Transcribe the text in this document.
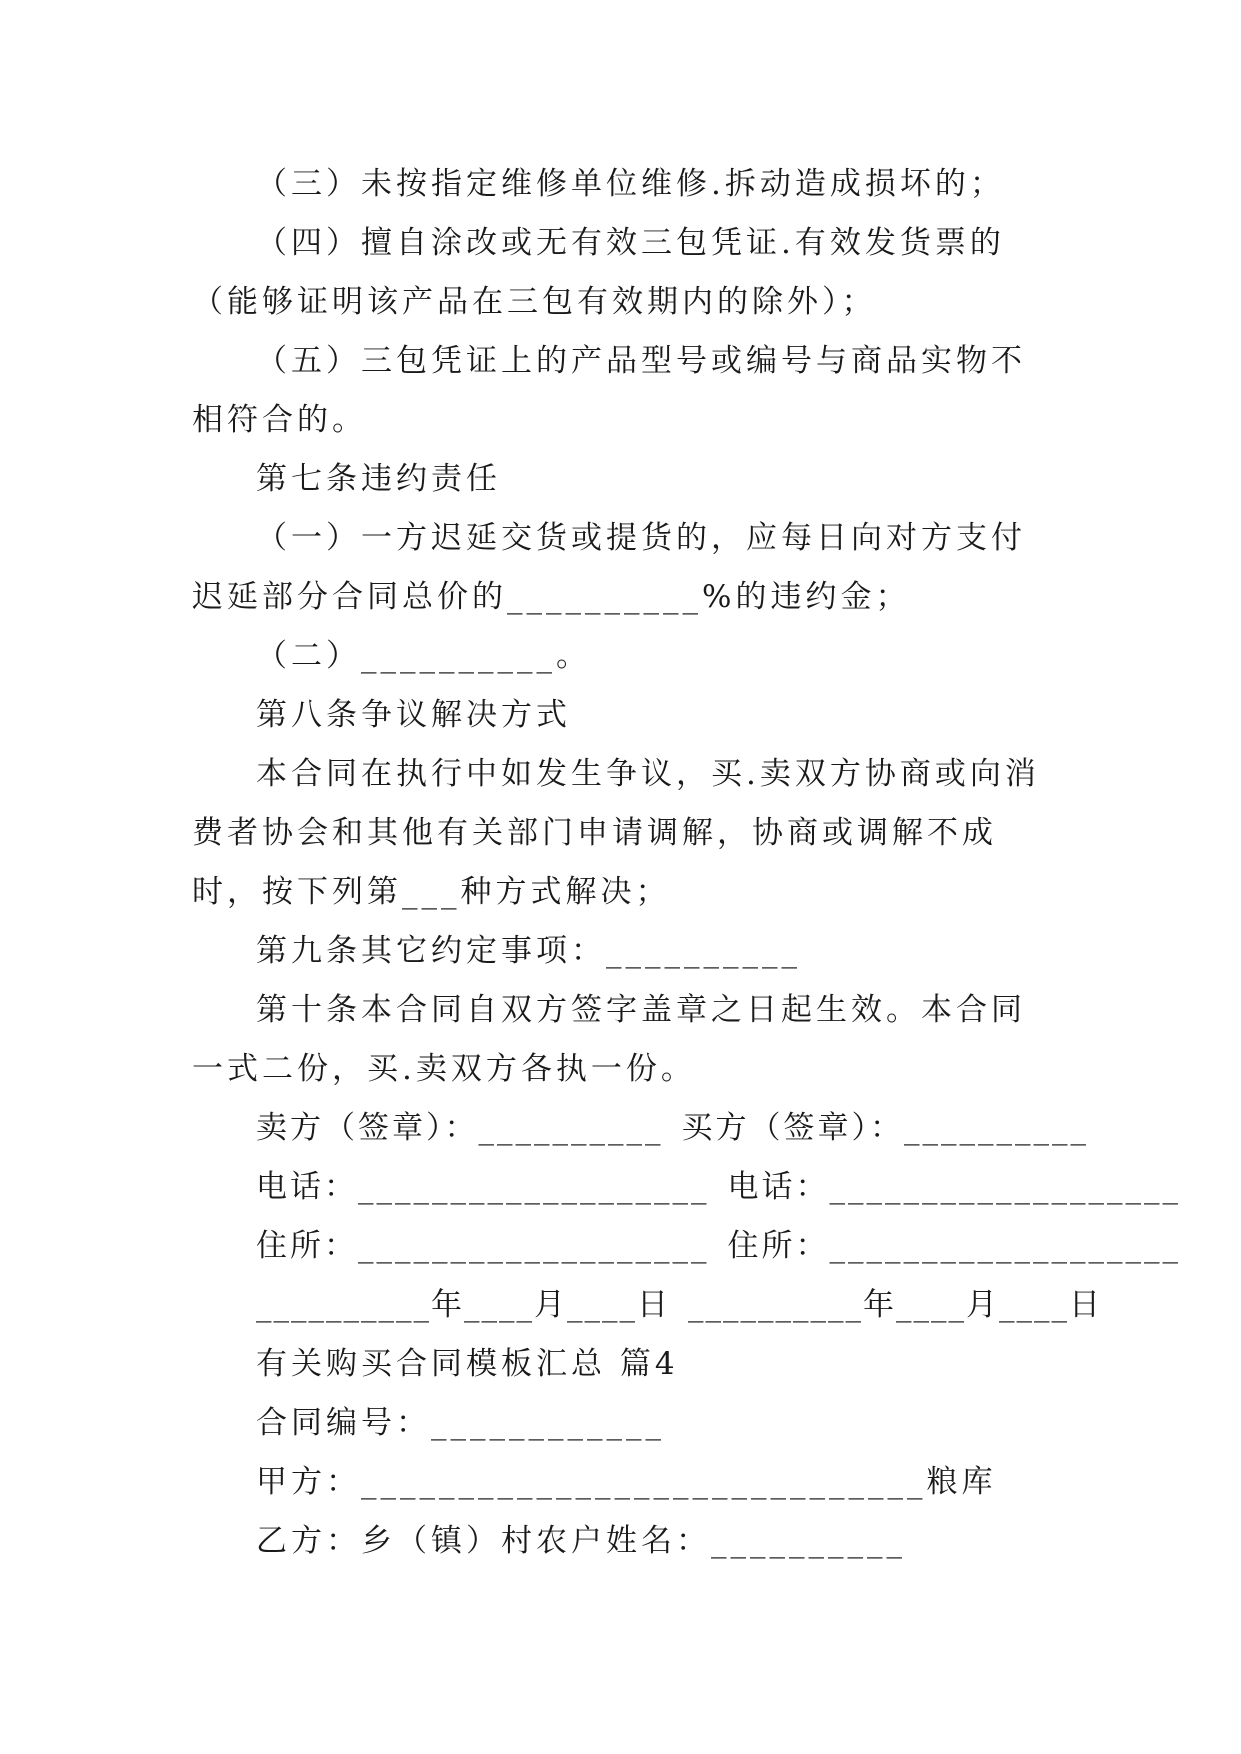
（三）未按指定维修单位维修.拆动造成损坏的；

（四）擅自涂改或无有效三包凭证.有效发货票的（能够证明该产品在三包有效期内的除外）；

（五）三包凭证上的产品型号或编号与商品实物不相符合的。

第七条违约责任

（一）一方迟延交货或提货的，应每日向对方支付迟延部分合同总价的__________%的违约金；

（二）__________。

第八条争议解决方式

本合同在执行中如发生争议，买.卖双方协商或向消费者协会和其他有关部门申请调解，协商或调解不成时，按下列第___种方式解决；

第九条其它约定事项：__________

第十条本合同自双方签字盖章之日起生效。本合同一式二份，买.卖双方各执一份。

卖方（签章）：__________ 买方（签章）：__________

电话：___________________ 电话：___________________

住所：___________________ 住所：___________________

__________年____月____日 __________年____月____日

有关购买合同模板汇总 篇4

合同编号：____________

甲方：_____________________________粮库

乙方：乡（镇）村农户姓名：__________
